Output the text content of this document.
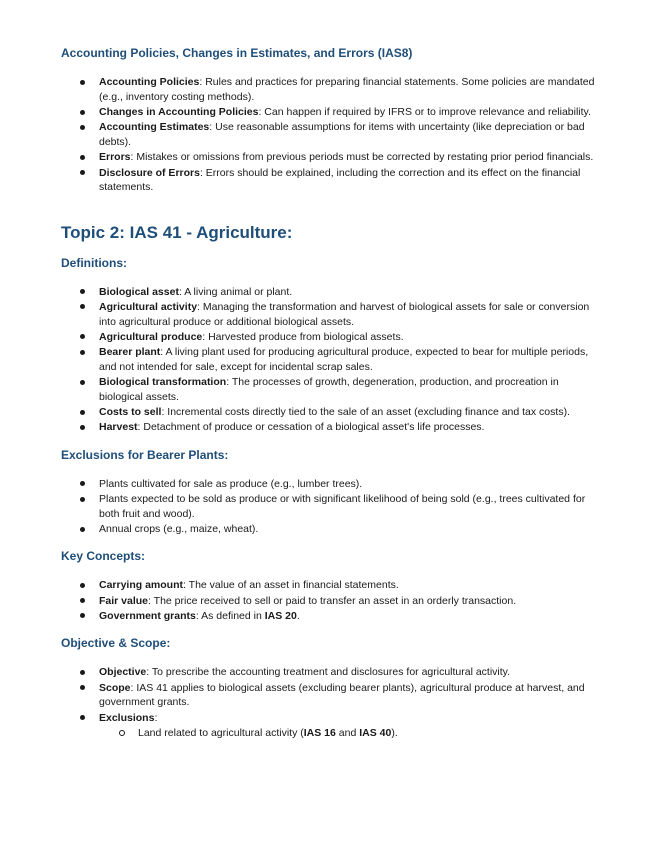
Accounting Policies, Changes in Estimates, and Errors (IAS8)
Accounting Policies: Rules and practices for preparing financial statements. Some policies are mandated (e.g., inventory costing methods).
Changes in Accounting Policies: Can happen if required by IFRS or to improve relevance and reliability.
Accounting Estimates: Use reasonable assumptions for items with uncertainty (like depreciation or bad debts).
Errors: Mistakes or omissions from previous periods must be corrected by restating prior period financials.
Disclosure of Errors: Errors should be explained, including the correction and its effect on the financial statements.
Topic 2: IAS 41 - Agriculture:
Definitions:
Biological asset: A living animal or plant.
Agricultural activity: Managing the transformation and harvest of biological assets for sale or conversion into agricultural produce or additional biological assets.
Agricultural produce: Harvested produce from biological assets.
Bearer plant: A living plant used for producing agricultural produce, expected to bear for multiple periods, and not intended for sale, except for incidental scrap sales.
Biological transformation: The processes of growth, degeneration, production, and procreation in biological assets.
Costs to sell: Incremental costs directly tied to the sale of an asset (excluding finance and tax costs).
Harvest: Detachment of produce or cessation of a biological asset's life processes.
Exclusions for Bearer Plants:
Plants cultivated for sale as produce (e.g., lumber trees).
Plants expected to be sold as produce or with significant likelihood of being sold (e.g., trees cultivated for both fruit and wood).
Annual crops (e.g., maize, wheat).
Key Concepts:
Carrying amount: The value of an asset in financial statements.
Fair value: The price received to sell or paid to transfer an asset in an orderly transaction.
Government grants: As defined in IAS 20.
Objective & Scope:
Objective: To prescribe the accounting treatment and disclosures for agricultural activity.
Scope: IAS 41 applies to biological assets (excluding bearer plants), agricultural produce at harvest, and government grants.
Exclusions:
Land related to agricultural activity (IAS 16 and IAS 40).
